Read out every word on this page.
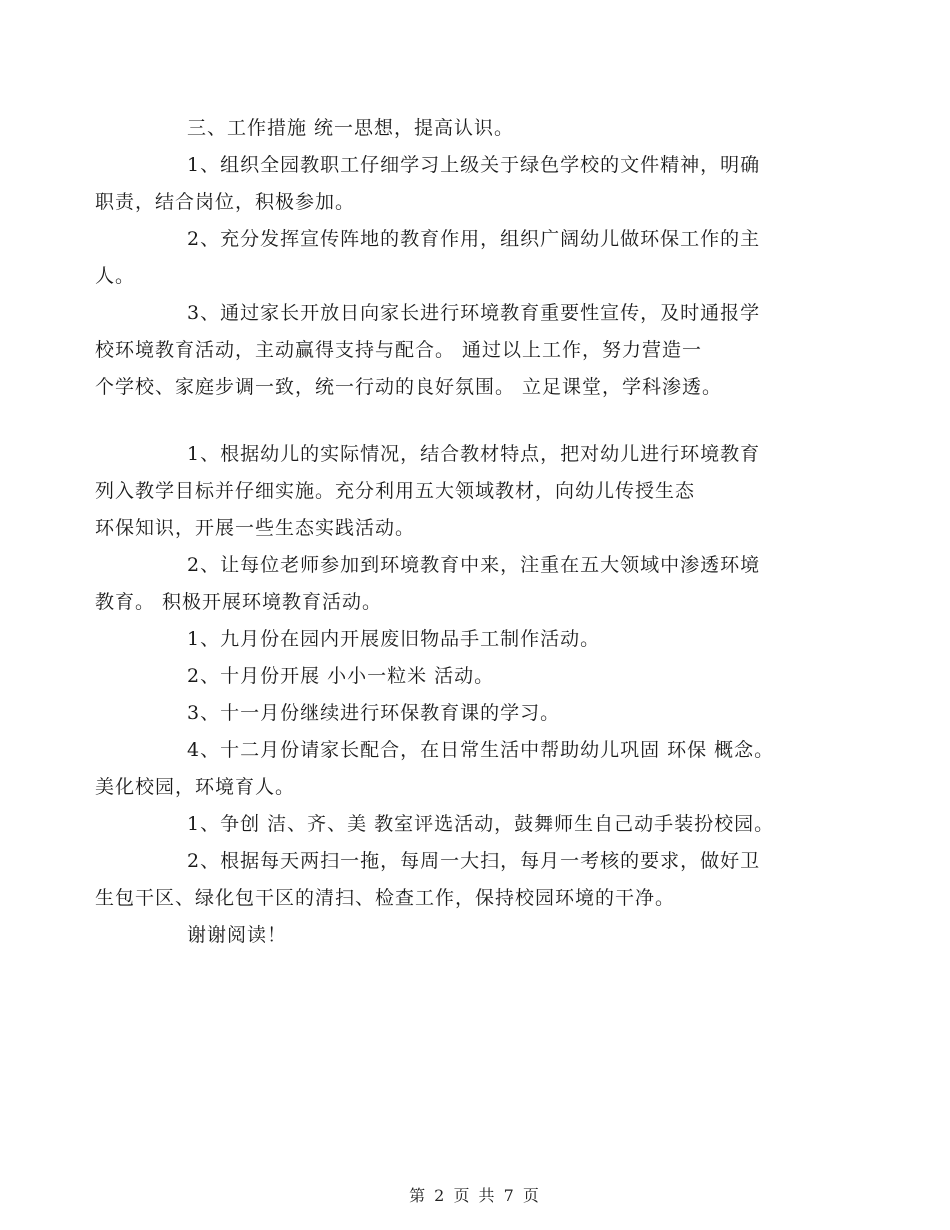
三、工作措施 统一思想，提高认识。

1、组织全园教职工仔细学习上级关于绿色学校的文件精神，明确
职责，结合岗位，积极参加。

2、充分发挥宣传阵地的教育作用，组织广阔幼儿做环保工作的主
人。

3、通过家长开放日向家长进行环境教育重要性宣传，及时通报学
校环境教育活动，主动赢得支持与配合。 通过以上工作，努力营造一
个学校、家庭步调一致，统一行动的良好氛围。 立足课堂，学科渗透。

1、根据幼儿的实际情况，结合教材特点，把对幼儿进行环境教育
列入教学目标并仔细实施。充分利用五大领域教材，向幼儿传授生态
环保知识，开展一些生态实践活动。

2、让每位老师参加到环境教育中来，注重在五大领域中渗透环境
教育。 积极开展环境教育活动。

1、九月份在园内开展废旧物品手工制作活动。

2、十月份开展 小小一粒米 活动。

3、十一月份继续进行环保教育课的学习。

4、十二月份请家长配合，在日常生活中帮助幼儿巩固 环保 概念。
美化校园，环境育人。

1、争创 洁、齐、美 教室评选活动，鼓舞师生自己动手装扮校园。

2、根据每天两扫一拖，每周一大扫，每月一考核的要求，做好卫
生包干区、绿化包干区的清扫、检查工作，保持校园环境的干净。

谢谢阅读！

第 2 页 共 7 页
